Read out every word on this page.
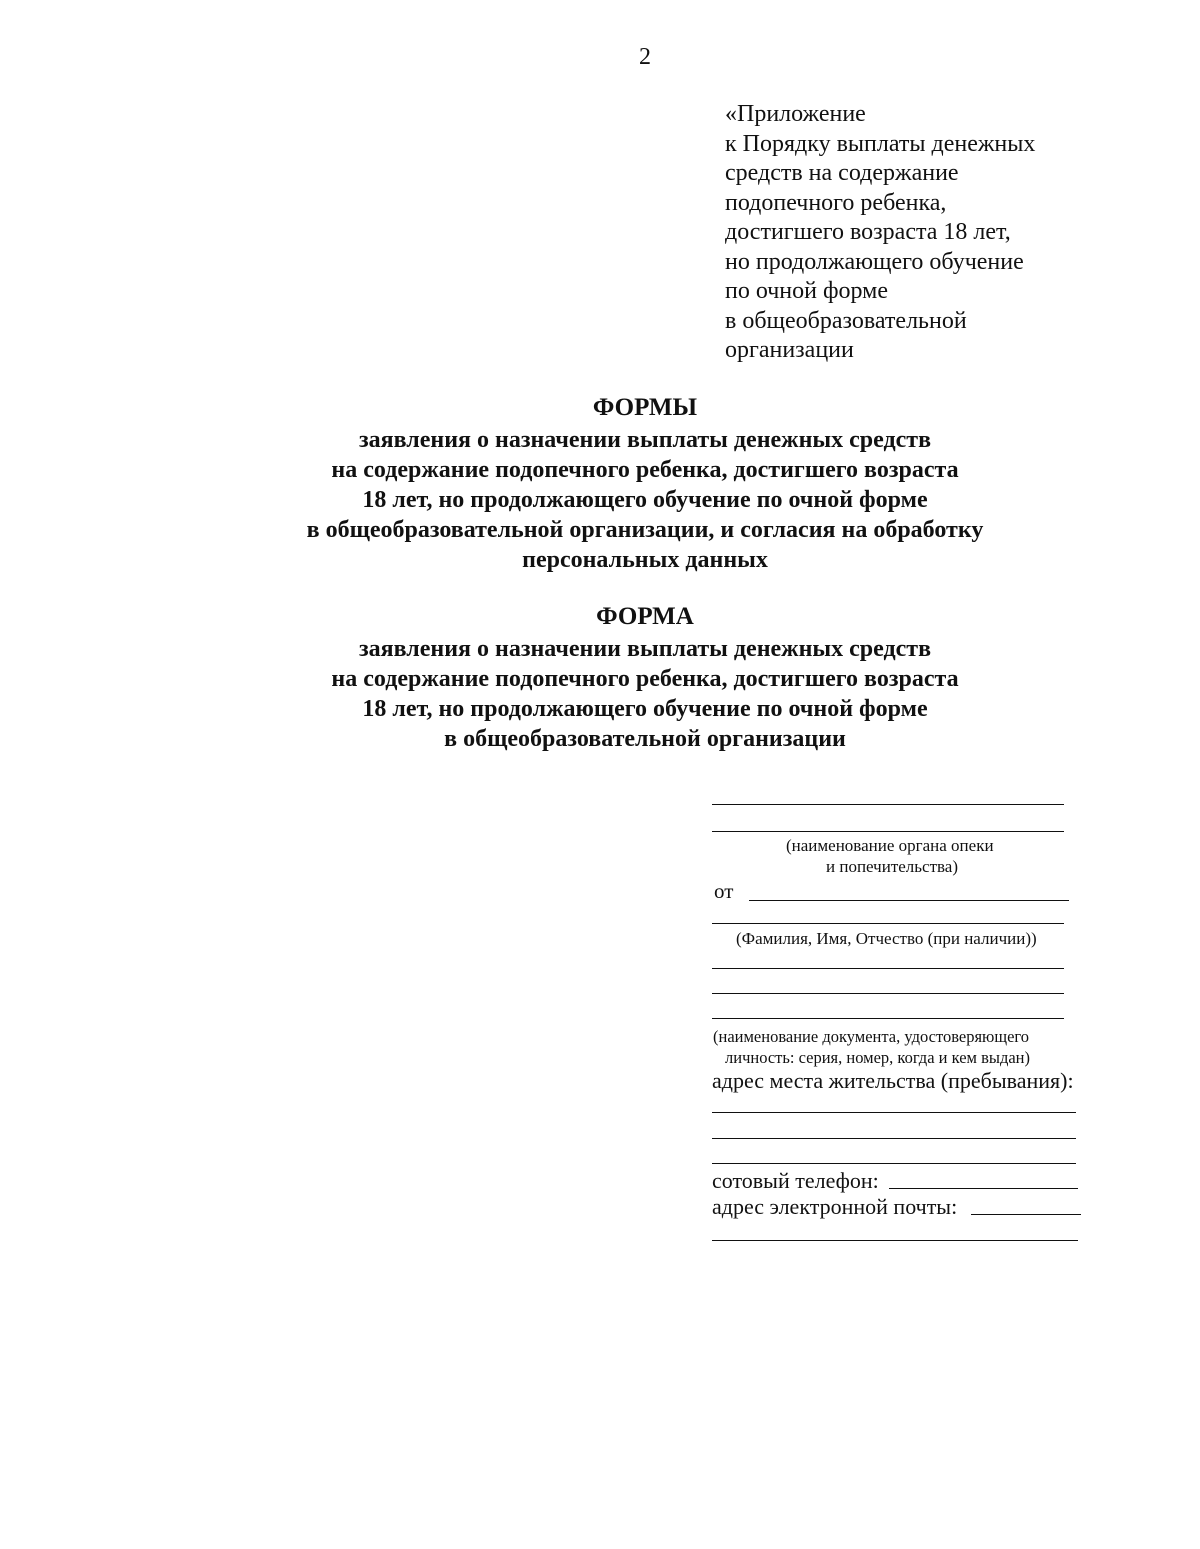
2
«Приложение
к Порядку выплаты денежных
средств на содержание
подопечного ребенка,
достигшего возраста 18 лет,
но продолжающего обучение
по очной форме
в общеобразовательной
организации
ФОРМЫ
заявления о назначении выплаты денежных средств
на содержание подопечного ребенка, достигшего возраста
18 лет, но продолжающего обучение по очной форме
в общеобразовательной организации, и согласия на обработку
персональных данных
ФОРМА
заявления о назначении выплаты денежных средств
на содержание подопечного ребенка, достигшего возраста
18 лет, но продолжающего обучение по очной форме
в общеобразовательной организации
(наименование органа опеки
и попечительства)
от
(Фамилия, Имя, Отчество (при наличии))
(наименование документа, удостоверяющего
личность: серия, номер, когда и кем выдан)
адрес места жительства (пребывания):
сотовый телефон:
адрес электронной почты:
